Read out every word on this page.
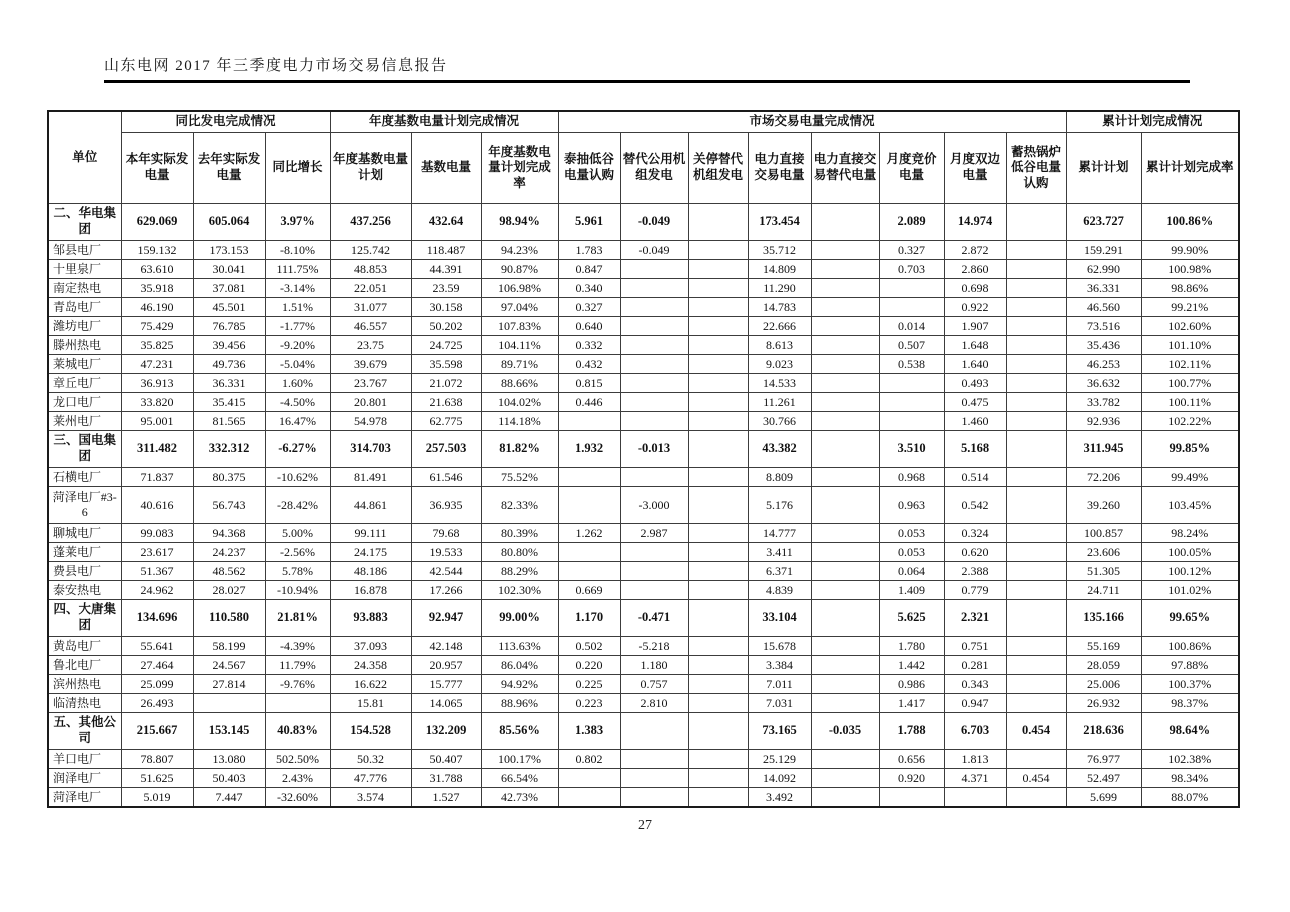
山东电网 2017 年三季度电力市场交易信息报告
单位	同比发电完成情况			年度基数电量计划完成情况			市场交易电量完成情况								累计计划完成情况	
	本年实际发电量	去年实际发电量	同比增长	年度基数电量计划	基数电量	年度基数电量计划完成率	泰抽低谷电量认购	替代公用机组发电	关停替代机组发电	电力直接交易电量	电力直接交易替代电量	月度竞价电量	月度双边电量	蓄热锅炉低谷电量认购	累计计划	累计计划完成率
二、华电集团	629.069	605.064	3.97%	437.256	432.64	98.94%	5.961	-0.049		173.454		2.089	14.974		623.727	100.86%
邹县电厂	159.132	173.153	-8.10%	125.742	118.487	94.23%	1.783	-0.049		35.712		0.327	2.872		159.291	99.90%
十里泉厂	63.610	30.041	111.75%	48.853	44.391	90.87%	0.847			14.809		0.703	2.860		62.990	100.98%
南定热电	35.918	37.081	-3.14%	22.051	23.59	106.98%	0.340			11.290			0.698		36.331	98.86%
青岛电厂	46.190	45.501	1.51%	31.077	30.158	97.04%	0.327			14.783			0.922		46.560	99.21%
潍坊电厂	75.429	76.785	-1.77%	46.557	50.202	107.83%	0.640			22.666		0.014	1.907		73.516	102.60%
滕州热电	35.825	39.456	-9.20%	23.75	24.725	104.11%	0.332			8.613		0.507	1.648		35.436	101.10%
莱城电厂	47.231	49.736	-5.04%	39.679	35.598	89.71%	0.432			9.023		0.538	1.640		46.253	102.11%
章丘电厂	36.913	36.331	1.60%	23.767	21.072	88.66%	0.815			14.533			0.493		36.632	100.77%
龙口电厂	33.820	35.415	-4.50%	20.801	21.638	104.02%	0.446			11.261			0.475		33.782	100.11%
莱州电厂	95.001	81.565	16.47%	54.978	62.775	114.18%				30.766			1.460		92.936	102.22%
三、国电集团	311.482	332.312	-6.27%	314.703	257.503	81.82%	1.932	-0.013		43.382		3.510	5.168		311.945	99.85%
石横电厂	71.837	80.375	-10.62%	81.491	61.546	75.52%				8.809		0.968	0.514		72.206	99.49%
菏泽电厂#3-6	40.616	56.743	-28.42%	44.861	36.935	82.33%		-3.000		5.176		0.963	0.542		39.260	103.45%
聊城电厂	99.083	94.368	5.00%	99.111	79.68	80.39%	1.262	2.987		14.777		0.053	0.324		100.857	98.24%
蓬莱电厂	23.617	24.237	-2.56%	24.175	19.533	80.80%				3.411		0.053	0.620		23.606	100.05%
费县电厂	51.367	48.562	5.78%	48.186	42.544	88.29%				6.371		0.064	2.388		51.305	100.12%
泰安热电	24.962	28.027	-10.94%	16.878	17.266	102.30%	0.669			4.839		1.409	0.779		24.711	101.02%
四、大唐集团	134.696	110.580	21.81%	93.883	92.947	99.00%	1.170	-0.471		33.104		5.625	2.321		135.166	99.65%
黄岛电厂	55.641	58.199	-4.39%	37.093	42.148	113.63%	0.502	-5.218		15.678		1.780	0.751		55.169	100.86%
鲁北电厂	27.464	24.567	11.79%	24.358	20.957	86.04%	0.220	1.180		3.384		1.442	0.281		28.059	97.88%
滨州热电	25.099	27.814	-9.76%	16.622	15.777	94.92%	0.225	0.757		7.011		0.986	0.343		25.006	100.37%
临清热电	26.493			15.81	14.065	88.96%	0.223	2.810		7.031		1.417	0.947		26.932	98.37%
五、其他公司	215.667	153.145	40.83%	154.528	132.209	85.56%	1.383			73.165	-0.035	1.788	6.703	0.454	218.636	98.64%
羊口电厂	78.807	13.080	502.50%	50.32	50.407	100.17%	0.802			25.129		0.656	1.813		76.977	102.38%
润泽电厂	51.625	50.403	2.43%	47.776	31.788	66.54%				14.092		0.920	4.371	0.454	52.497	98.34%
菏泽电厂	5.019	7.447	-32.60%	3.574	1.527	42.73%				3.492					5.699	88.07%
27
